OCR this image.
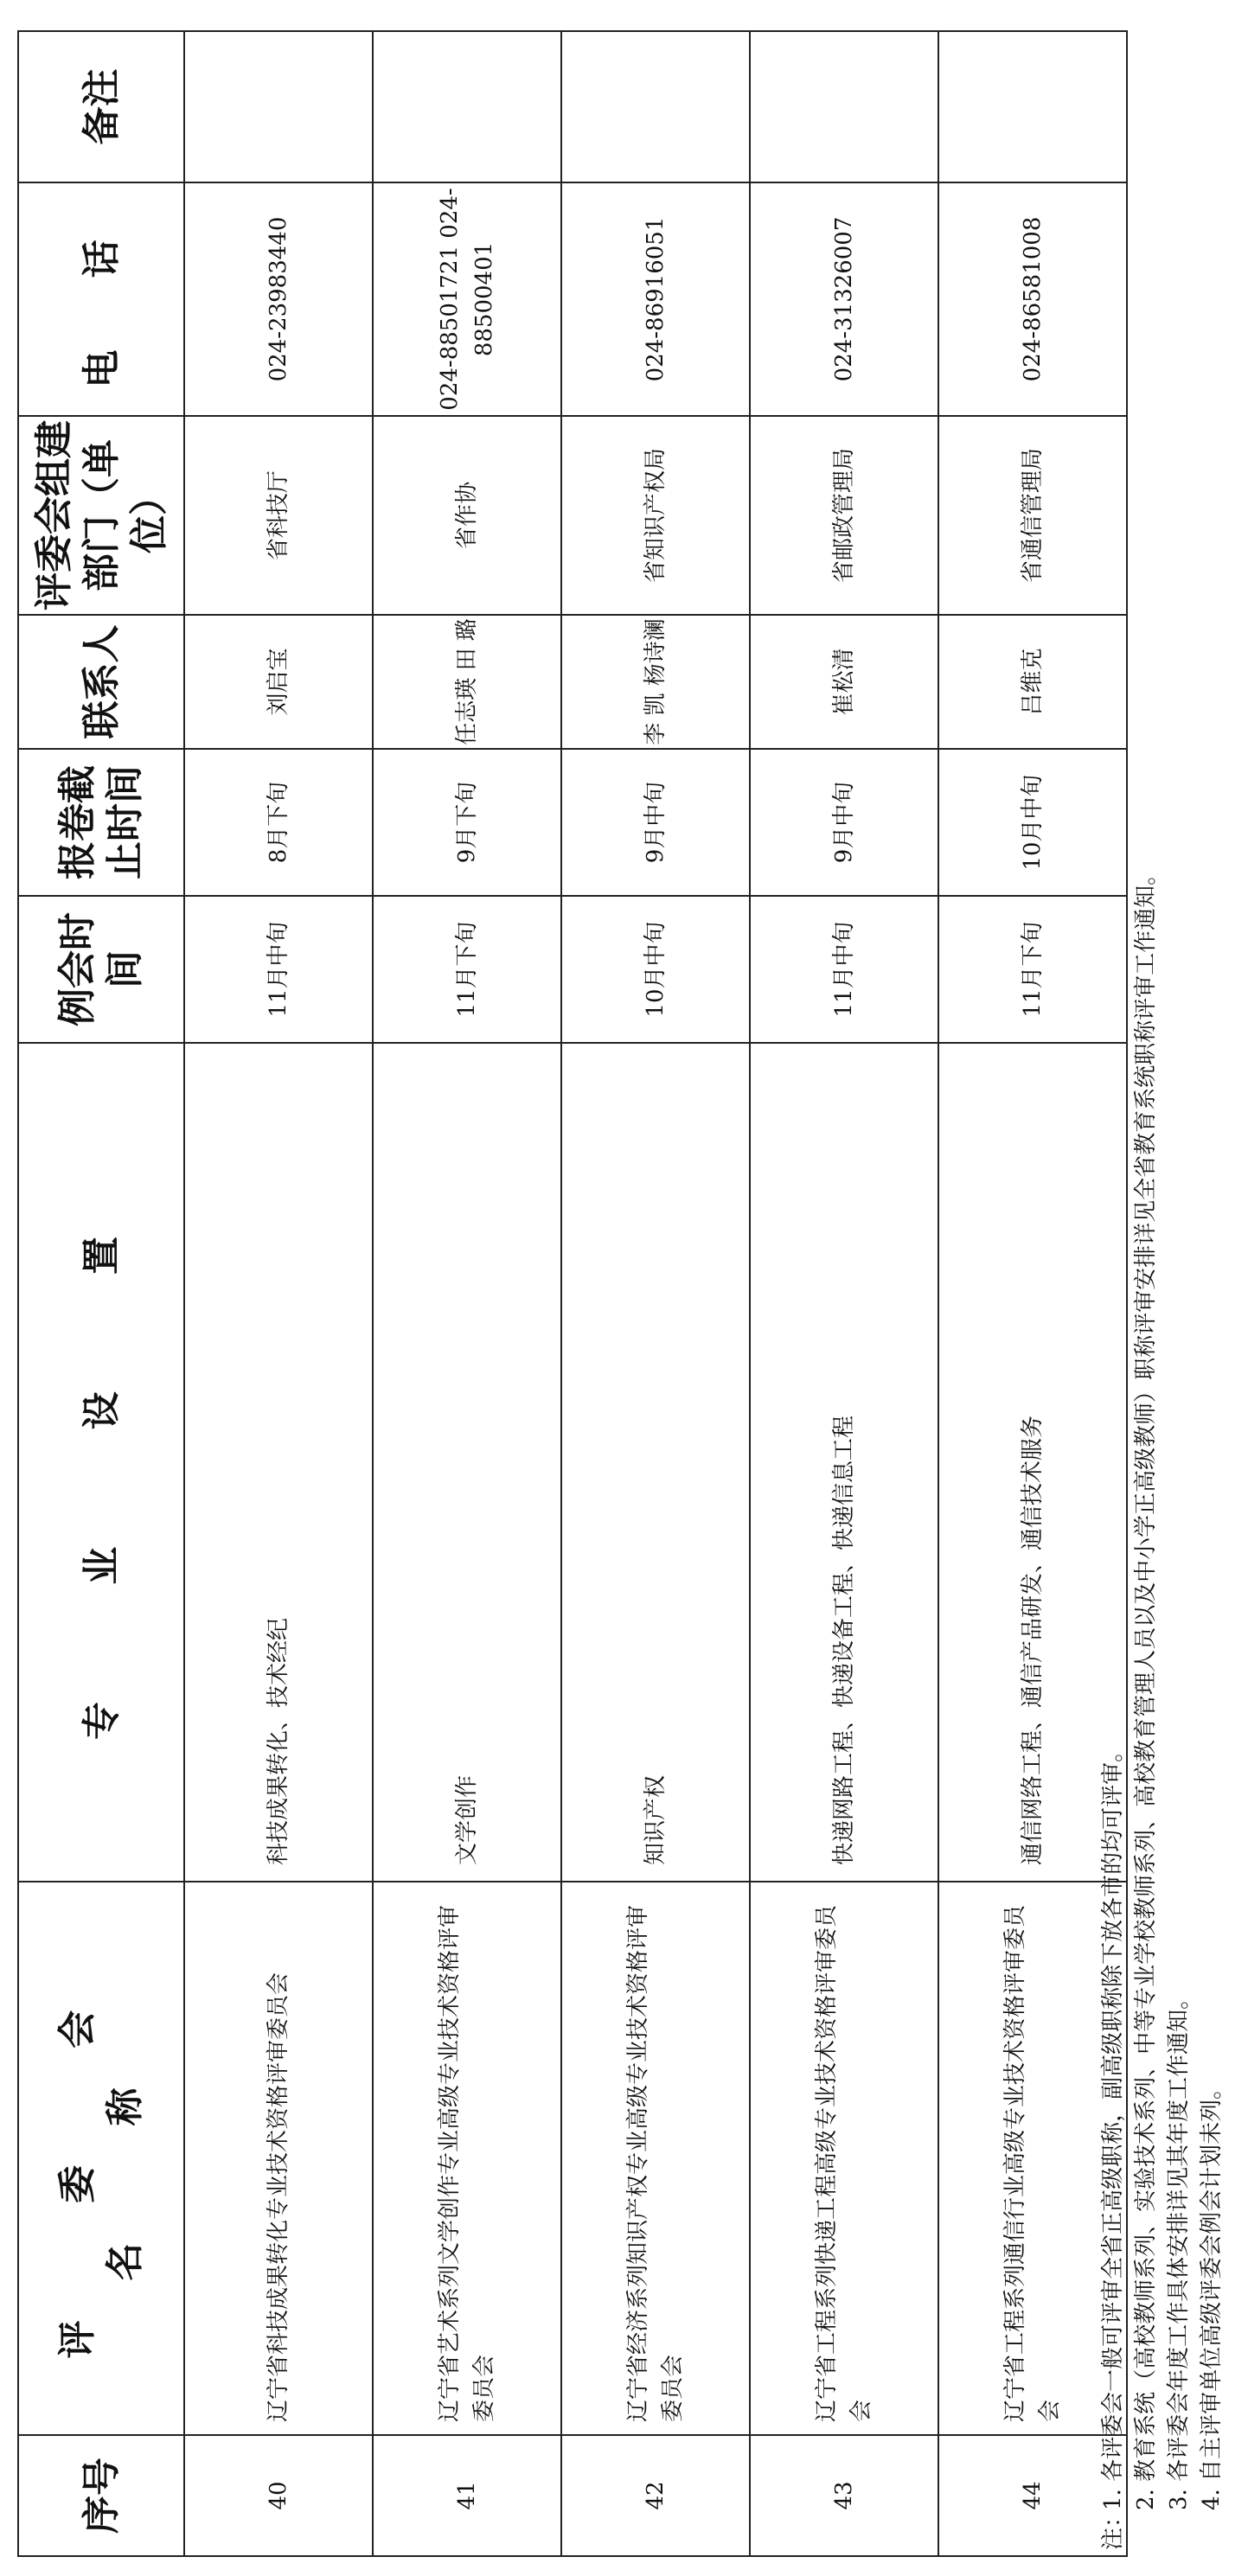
序号	评 委 会 名 称	专 业 设 置	例会时间	报卷截止时间	联系人	评委会组建部门（单位）	电 话	备注
40	辽宁省科技成果转化专业技术资格评审委员会	科技成果转化、技术经纪	11月中旬	8月下旬	刘启宝	省科技厅	024-23983440	
41	辽宁省艺术系列文学创作专业高级专业技术资格评审委员会	文学创作	11月下旬	9月下旬	任志瑛 田 璐	省作协	024-88501721 024-88500401	
42	辽宁省经济系列知识产权专业高级专业技术资格评审委员会	知识产权	10月中旬	9月中旬	李 凯 杨诗澜	省知识产权局	024-86916051	
43	辽宁省工程系列快递工程高级专业技术资格评审委员会	快递网路工程、快递设备工程、快递信息工程	11月中旬	9月中旬	崔松清	省邮政管理局	024-31326007	
44	辽宁省工程系列通信行业高级专业技术资格评审委员会	通信网络工程、通信产品研发、通信技术服务	11月下旬	10月中旬	吕维克	省通信管理局	024-86581008	
注：1. 各评委会一般可评审全省正高级职称，副高级职称除下放各市的均可评审。 2. 教育系统（高校教师系列、实验技术系列、中等专业学校教师系列、高校教育管理人员以及中小学正高级教师）职称评审安排详见全省教育系统职称评审工作通知。 3. 各评委会年度工作具体安排详见其年度工作通知。 4. 自主评审单位高级评委会例会计划未列。
